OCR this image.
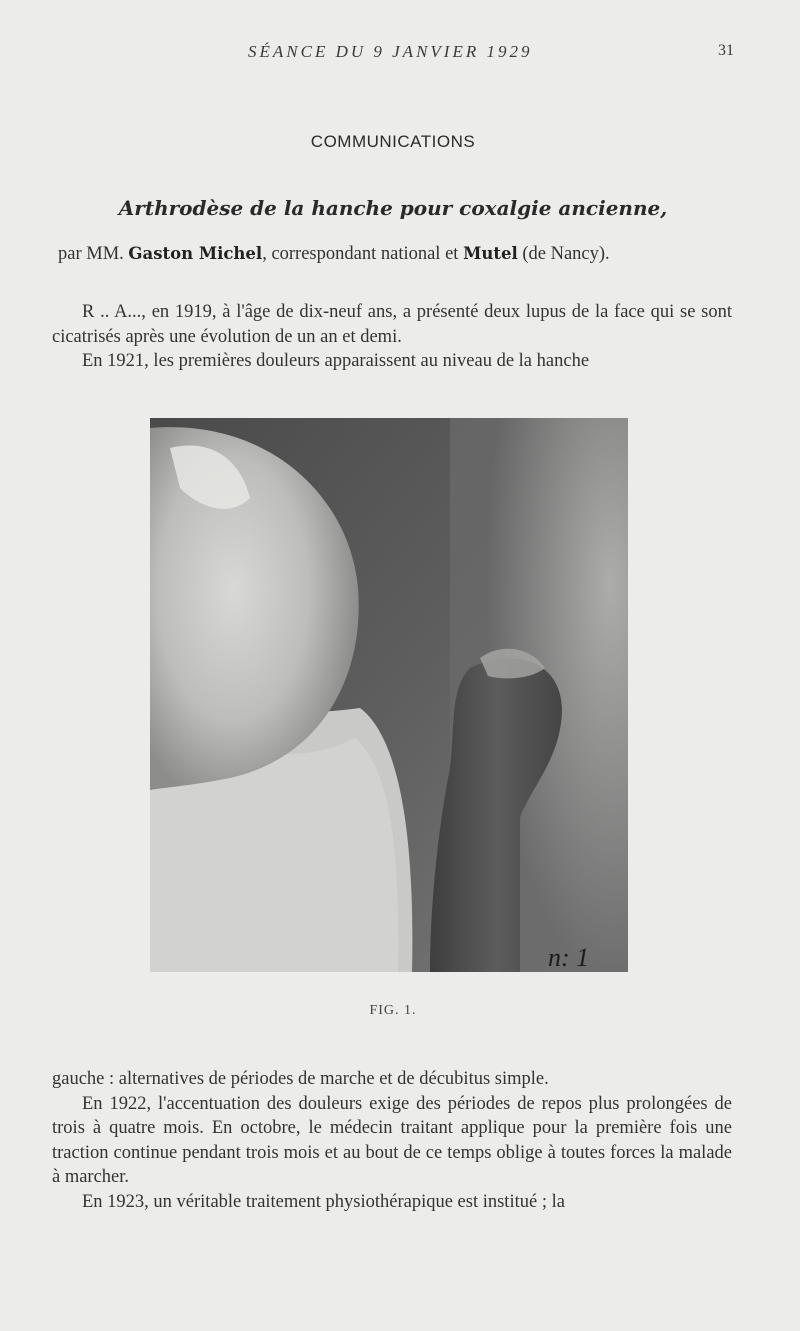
SÉANCE DU 9 JANVIER 1929	31
COMMUNICATIONS
Arthrodèse de la hanche pour coxalgie ancienne,
par MM. Gaston Michel, correspondant national et Mutel (de Nancy).

R .. A..., en 1919, à l'âge de dix-neuf ans, a présenté deux lupus de la face qui se sont cicatrisés après une évolution de un an et demi.

En 1921, les premières douleurs apparaissent au niveau de la hanche

n: 1
FIG. 1.

gauche : alternatives de périodes de marche et de décubitus simple.

En 1922, l'accentuation des douleurs exige des périodes de repos plus prolongées de trois à quatre mois. En octobre, le médecin traitant applique pour la première fois une traction continue pendant trois mois et au bout de ce temps oblige à toutes forces la malade à marcher.

En 1923, un véritable traitement physiothérapique est institué ; la
